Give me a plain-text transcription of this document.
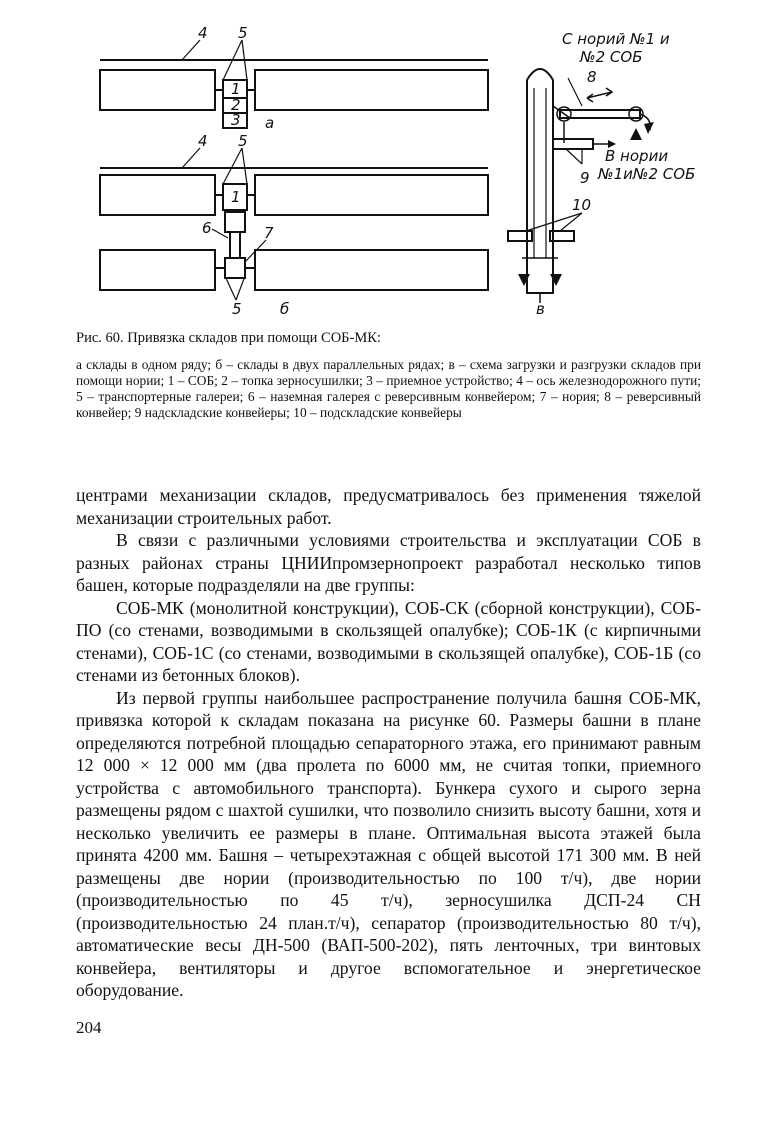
4 5
1
2
3 а
4 5
1
6	7
5	б
С норий №1 и
№2 СОБ
8
В нории
№1и№2 СОБ
9
10
в

Рис. 60. Привязка складов при помощи СОБ-МК:

а склады в одном ряду; б – склады в двух параллельных рядах; в – схема загрузки и разгрузки складов при помощи нории; 1 – СОБ; 2 – топка зерносушилки; 3 – приемное устройство; 4 – ось железнодорожного пути; 5 – транспортерные галереи; 6 – наземная галерея с реверсивным конвейером; 7 – нория; 8 – реверсивный конвейер; 9 надскладские конвейеры; 10 – подскладские конвейеры

центрами механизации складов, предусматривалось без применения тяжелой механизации строительных работ.

В связи с различными условиями строительства и эксплуатации СОБ в разных районах страны ЦНИИпромзернопроект разработал несколько типов башен, которые подразделяли на две группы:

СОБ-МК (монолитной конструкции), СОБ-СК (сборной конструкции), СОБ-ПО (со стенами, возводимыми в скользящей опалубке); СОБ-1К (с кирпичными стенами), СОБ-1С (со стенами, возводимыми в скользящей опалубке), СОБ-1Б (со стенами из бетонных блоков).

Из первой группы наибольшее распространение получила башня СОБ-МК, привязка которой к складам показана на рисунке 60. Размеры башни в плане определяются потребной площадью сепараторного этажа, его принимают равным 12 000 × 12 000 мм (два пролета по 6000 мм, не считая топки, приемного устройства с автомобильного транспорта). Бункера сухого и сырого зерна размещены рядом с шахтой сушилки, что позволило снизить высоту башни, хотя и несколько увеличить ее размеры в плане. Оптимальная высота этажей была принята 4200 мм. Башня – четырехэтажная с общей высотой 171 300 мм. В ней размещены две нории (производительностью по 100 т/ч), две нории (производительностью по 45 т/ч), зерносушилка ДСП-24 СН (производительностью 24 план.т/ч), сепаратор (производительностью 80 т/ч), автоматические весы ДН-500 (ВАП-500-202), пять ленточных, три винтовых конвейера, вентиляторы и другое вспомогательное и энергетическое оборудование.

204
